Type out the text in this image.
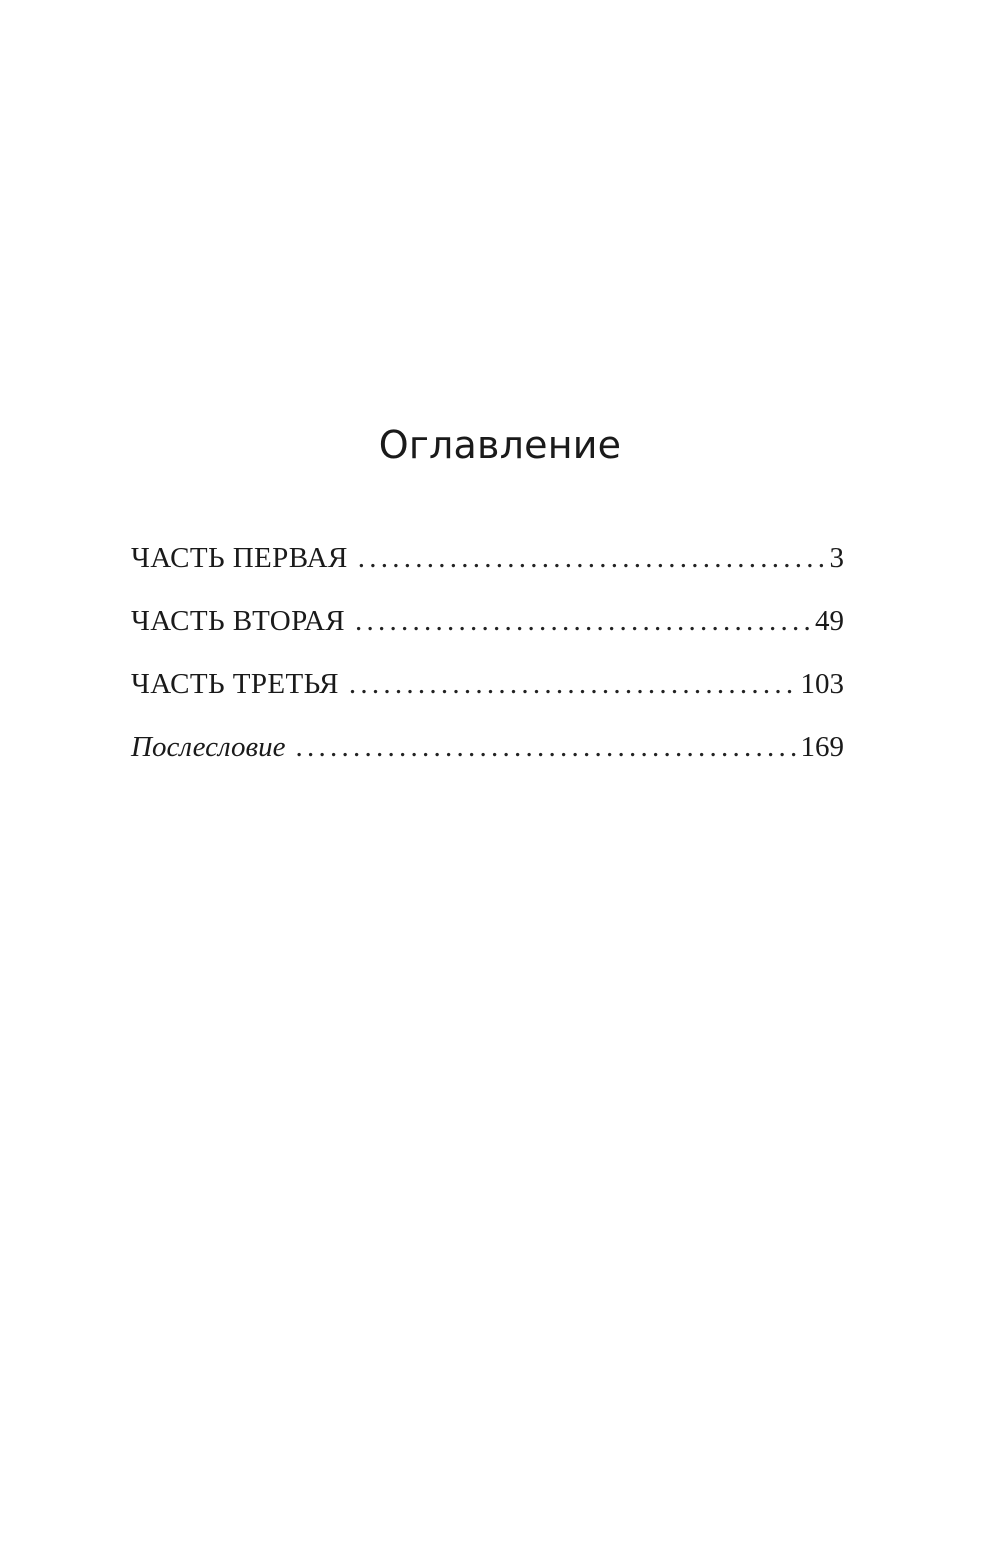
Оглавление
ЧАСТЬ ПЕРВАЯ . . .	3
ЧАСТЬ ВТОРАЯ . . .	49
ЧАСТЬ ТРЕТЬЯ . . .	103
Послесловие . . .	169
